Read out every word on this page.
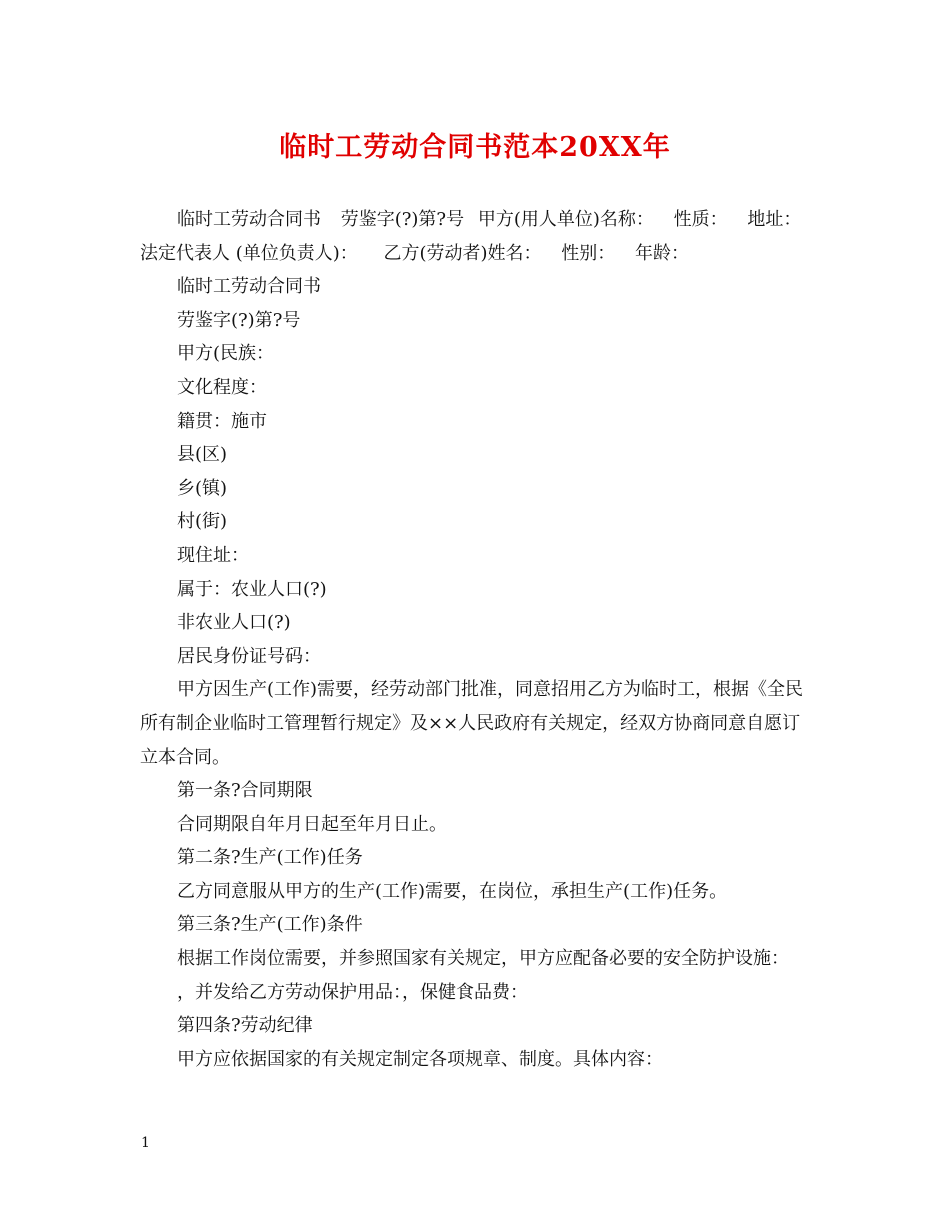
临时工劳动合同书范本20XX年

临时工劳动合同书 劳鉴字(?)第?号 甲方(用人单位)名称： 性质： 地址：

法定代表人 (单位负责人)： 乙方(劳动者)姓名： 性别： 年龄：

临时工劳动合同书

劳鉴字(?)第?号

甲方(民族：

文化程度：

籍贯：施市

县(区)

乡(镇)

村(街)

现住址：

属于：农业人口(?)

非农业人口(?)

居民身份证号码：

甲方因生产(工作)需要，经劳动部门批准，同意招用乙方为临时工，根据《全民所有制企业临时工管理暂行规定》及××人民政府有关规定，经双方协商同意自愿订立本合同。

第一条?合同期限

合同期限自年月日起至年月日止。

第二条?生产(工作)任务

乙方同意服从甲方的生产(工作)需要，在岗位，承担生产(工作)任务。

第三条?生产(工作)条件

根据工作岗位需要，并参照国家有关规定，甲方应配备必要的安全防护设施：

，并发给乙方劳动保护用品：，保健食品费：

第四条?劳动纪律

甲方应依据国家的有关规定制定各项规章、制度。具体内容：

1
